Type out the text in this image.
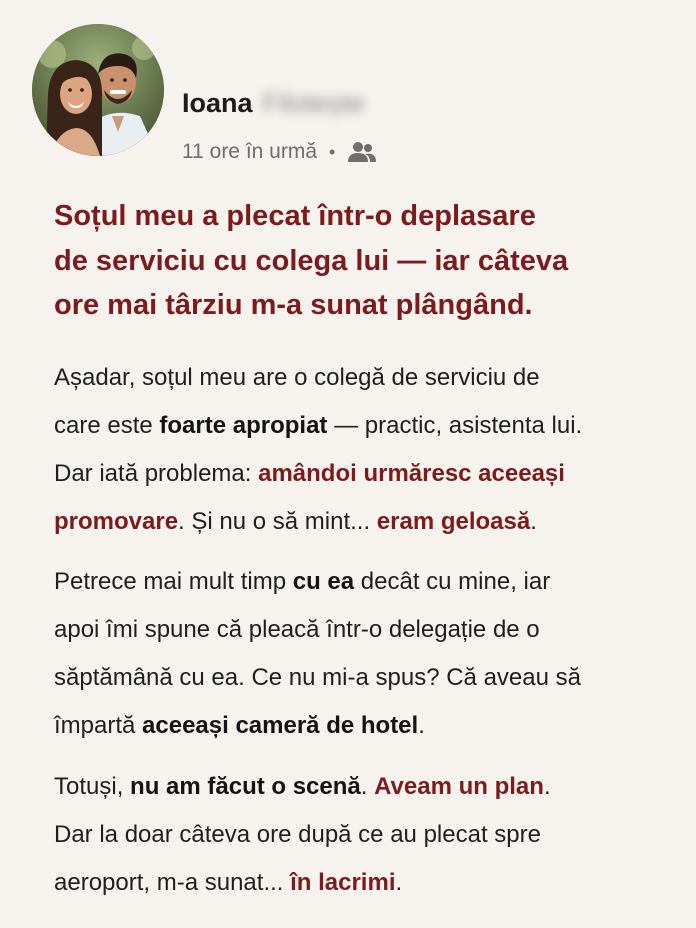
Ioana Filotește
11 ore în urmă •
Soțul meu a plecat într-o deplasare
de serviciu cu colega lui — iar câteva
ore mai târziu m-a sunat plângând.

Așadar, soțul meu are o colegă de serviciu de
care este foarte apropiat — practic, asistenta lui.
Dar iată problema: amândoi urmăresc aceeași
promovare. Și nu o să mint... eram geloasă.

Petrece mai mult timp cu ea decât cu mine, iar
apoi îmi spune că pleacă într-o delegație de o
săptămână cu ea. Ce nu mi-a spus? Că aveau să
împartă aceeași cameră de hotel.

Totuși, nu am făcut o scenă. Aveam un plan.
Dar la doar câteva ore după ce au plecat spre
aeroport, m-a sunat... în lacrimi.
